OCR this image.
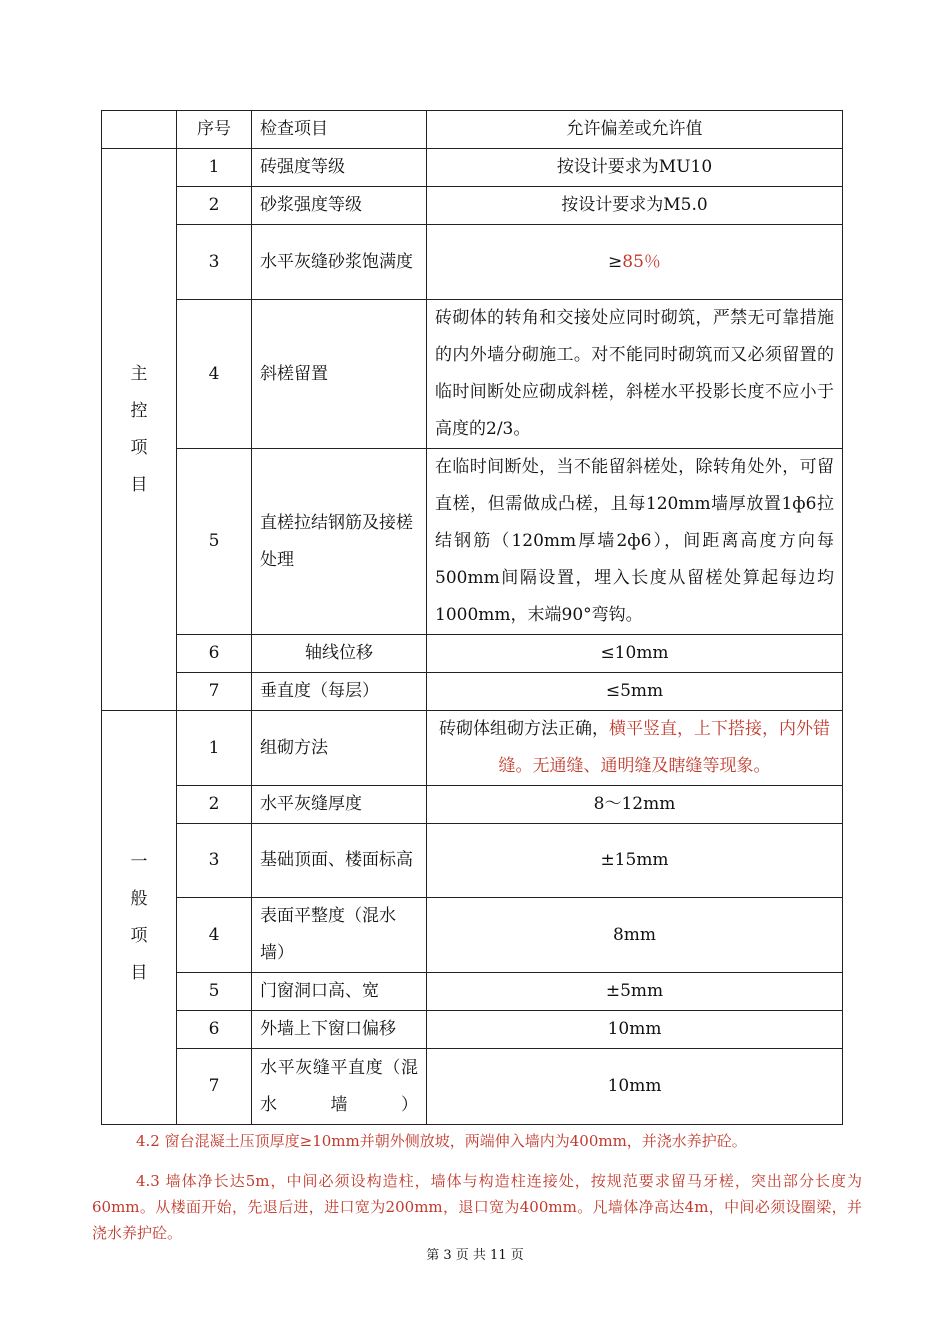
	序号	检查项目	允许偏差或允许值

主
控
项
目	1	砖强度等级	按设计要求为MU10
	2	砂浆强度等级	按设计要求为M5.0
	3	水平灰缝砂浆饱满度	≥85％
	4	斜槎留置	砖砌体的转角和交接处应同时砌筑，严禁无可靠措施的内外墙分砌施工。对不能同时砌筑而又必须留置的临时间断处应砌成斜槎，斜槎水平投影长度不应小于高度的2/3。
	5	直槎拉结钢筋及接槎处理	在临时间断处，当不能留斜槎处，除转角处外，可留直槎，但需做成凸槎，且每120mm墙厚放置1ф6拉结钢筋（120mm厚墙2ф6），间距离高度方向每500mm间隔设置，埋入长度从留槎处算起每边均1000mm，末端90°弯钩。
	6	轴线位移	≤10mm
	7	垂直度（每层）	≤5mm

一
般
项
目	1	组砌方法	砖砌体组砌方法正确，横平竖直，上下搭接，内外错缝。无通缝、通明缝及瞎缝等现象。
	2	水平灰缝厚度	8～12mm
	3	基础顶面、楼面标高	±15mm
	4	表面平整度（混水墙）	8mm
	5	门窗洞口高、宽	±5mm
	6	外墙上下窗口偏移	10mm
	7	水平灰缝平直度（混水墙）	10mm

4.2 窗台混凝土压顶厚度≥10mm并朝外侧放坡，两端伸入墙内为400mm，并浇水养护砼。

4.3 墙体净长达5m，中间必须设构造柱，墙体与构造柱连接处，按规范要求留马牙槎，突出部分长度为60mm。从楼面开始，先退后进，进口宽为200mm，退口宽为400mm。凡墙体净高达4m，中间必须设圈梁，并浇水养护砼。

第 3 页 共 11 页
